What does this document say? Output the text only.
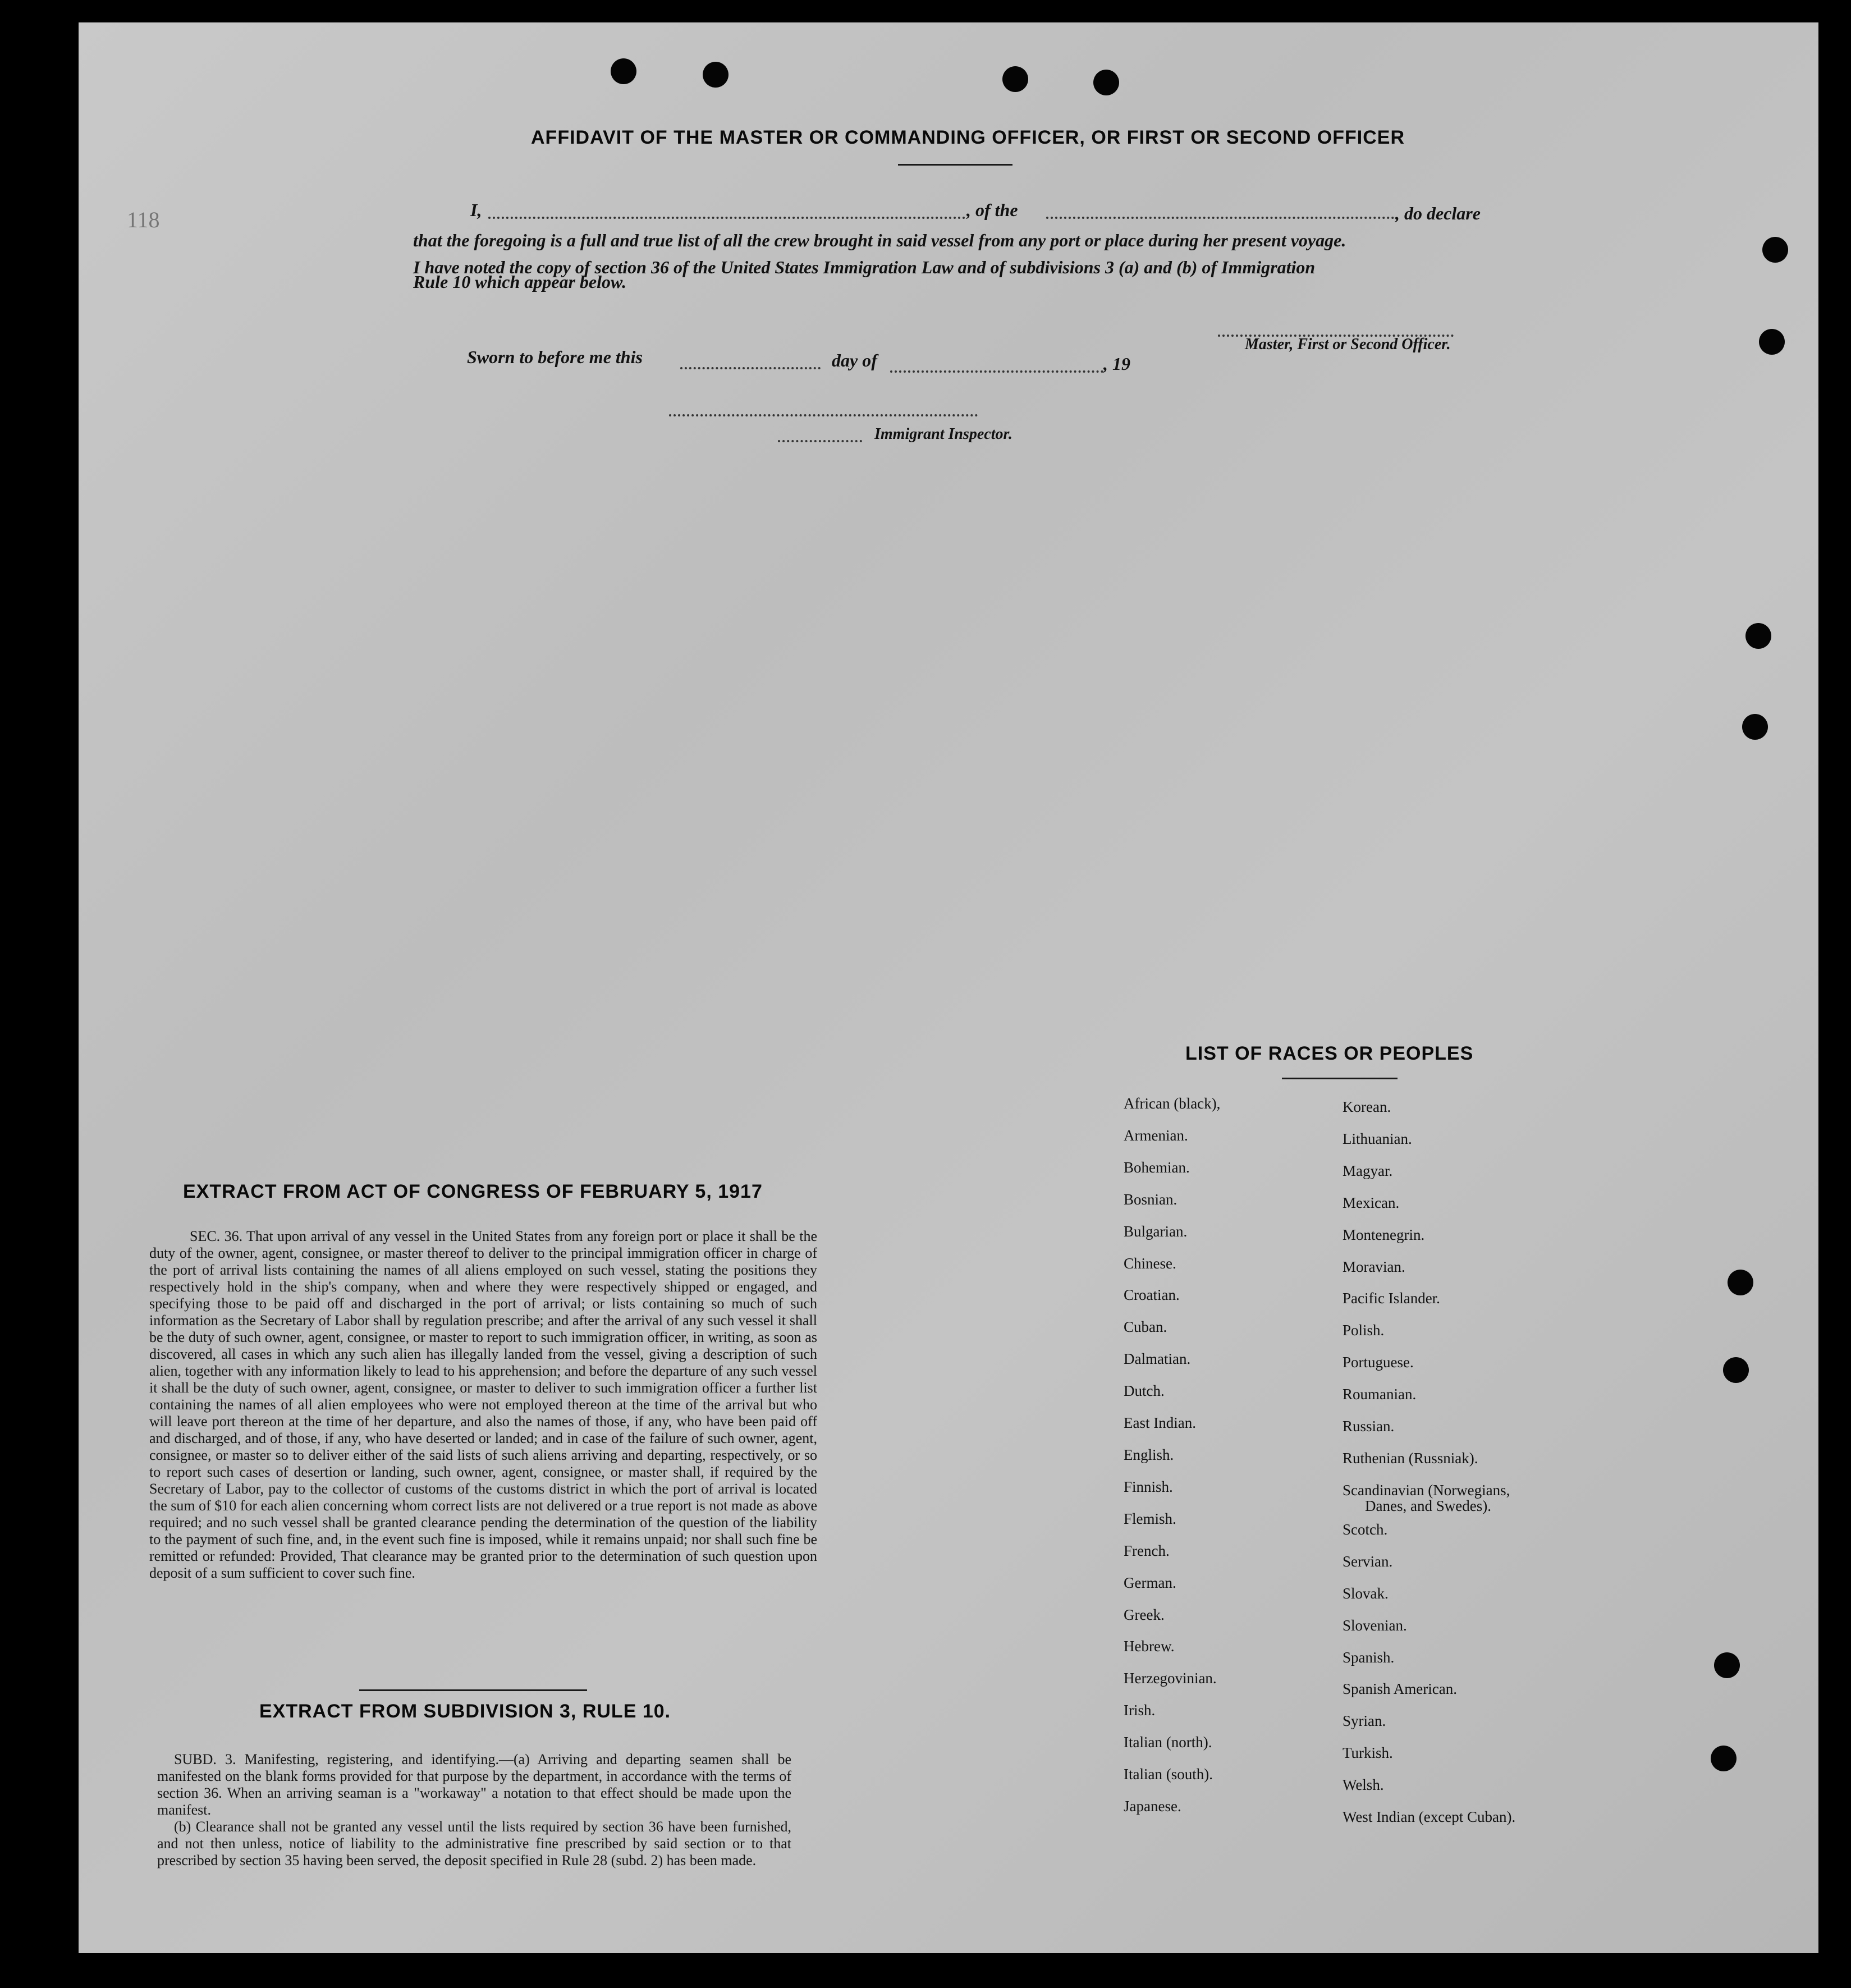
118
AFFIDAVIT OF THE MASTER OR COMMANDING OFFICER, OR FIRST OR SECOND OFFICER
I,	, of the	, do declare
that the foregoing is a full and true list of all the crew brought in said vessel from any port or place during her present voyage.
I have noted the copy of section 36 of the United States Immigration Law and of subdivisions 3 (a) and (b) of Immigration
Rule 10 which appear below.
Master, First or Second Officer.
Sworn to before me this	day of	, 19
Immigrant Inspector.
EXTRACT FROM ACT OF CONGRESS OF FEBRUARY 5, 1917
SEC. 36. That upon arrival of any vessel in the United States from any foreign port or place it shall be the duty of the owner, agent, consignee, or master thereof to deliver to the principal immigration officer in charge of the port of arrival lists containing the names of all aliens employed on such vessel, stating the positions they respectively hold in the ship's company, when and where they were respectively shipped or engaged, and specifying those to be paid off and discharged in the port of arrival; or lists containing so much of such information as the Secretary of Labor shall by regulation prescribe; and after the arrival of any such vessel it shall be the duty of such owner, agent, consignee, or master to report to such immigration officer, in writing, as soon as discovered, all cases in which any such alien has illegally landed from the vessel, giving a description of such alien, together with any information likely to lead to his apprehension; and before the departure of any such vessel it shall be the duty of such owner, agent, consignee, or master to deliver to such immigration officer a further list containing the names of all alien employees who were not employed thereon at the time of the arrival but who will leave port thereon at the time of her departure, and also the names of those, if any, who have been paid off and discharged, and of those, if any, who have deserted or landed; and in case of the failure of such owner, agent, consignee, or master so to deliver either of the said lists of such aliens arriving and departing, respectively, or so to report such cases of desertion or landing, such owner, agent, consignee, or master shall, if required by the Secretary of Labor, pay to the collector of customs of the customs district in which the port of arrival is located the sum of $10 for each alien concerning whom correct lists are not delivered or a true report is not made as above required; and no such vessel shall be granted clearance pending the determination of the question of the liability to the payment of such fine, and, in the event such fine is imposed, while it remains unpaid; nor shall such fine be remitted or refunded: Provided, That clearance may be granted prior to the determination of such question upon deposit of a sum sufficient to cover such fine.
EXTRACT FROM SUBDIVISION 3, RULE 10.
SUBD. 3. Manifesting, registering, and identifying.—(a) Arriving and departing seamen shall be manifested on the blank forms provided for that purpose by the department, in accordance with the terms of section 36. When an arriving seaman is a "workaway" a notation to that effect should be made upon the manifest.
(b) Clearance shall not be granted any vessel until the lists required by section 36 have been furnished, and not then unless, notice of liability to the administrative fine prescribed by said section or to that prescribed by section 35 having been served, the deposit specified in Rule 28 (subd. 2) has been made.
LIST OF RACES OR PEOPLES
African (black),
Armenian.
Bohemian.
Bosnian.
Bulgarian.
Chinese.
Croatian.
Cuban.
Dalmatian.
Dutch.
East Indian.
English.
Finnish.
Flemish.
French.
German.
Greek.
Hebrew.
Herzegovinian.
Irish.
Italian (north).
Italian (south).
Japanese.
Korean.
Lithuanian.
Magyar.
Mexican.
Montenegrin.
Moravian.
Pacific Islander.
Polish.
Portuguese.
Roumanian.
Russian.
Ruthenian (Russniak).
Scandinavian (Norwegians,
Danes, and Swedes).
Scotch.
Servian.
Slovak.
Slovenian.
Spanish.
Spanish American.
Syrian.
Turkish.
Welsh.
West Indian (except Cuban).
